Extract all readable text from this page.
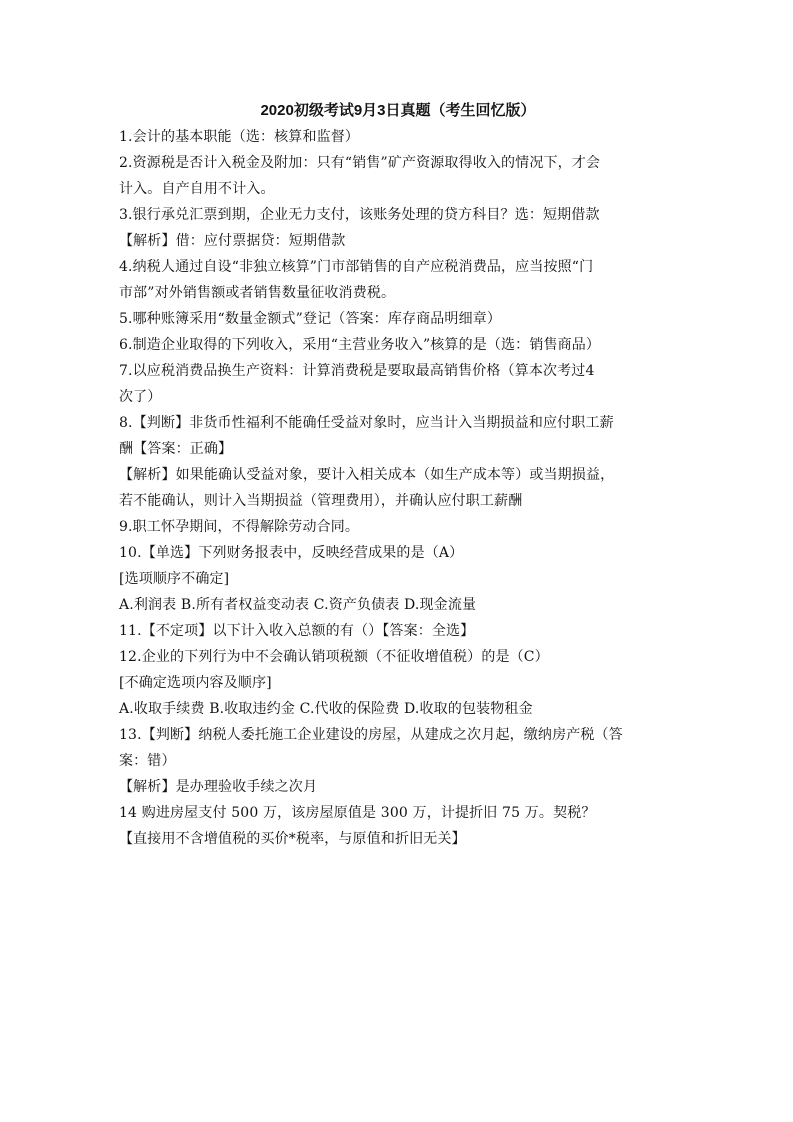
2020初级考试9月3日真题（考生回忆版）

1.会计的基本职能（选：核算和监督）

2.资源税是否计入税金及附加：只有“销售”矿产资源取得收入的情况下，才会

计入。自产自用不计入。

3.银行承兑汇票到期，企业无力支付，该账务处理的贷方科目？选：短期借款

【解析】借：应付票据贷：短期借款

4.纳税人通过自设“非独立核算”门市部销售的自产应税消费品，应当按照“门

市部”对外销售额或者销售数量征收消费税。

5.哪种账簿采用“数量金额式”登记（答案：库存商品明细章）

6.制造企业取得的下列收入，采用“主营业务收入”核算的是（选：销售商品）

7.以应税消费品换生产资料：计算消费税是要取最高销售价格（算本次考过4

次了）

8.【判断】非货币性福利不能确任受益对象时，应当计入当期损益和应付职工薪

酬【答案：正确】

【解析】如果能确认受益对象，要计入相关成本（如生产成本等）或当期损益，

若不能确认，则计入当期损益（管理费用），并确认应付职工薪酬

9.职工怀孕期间，不得解除劳动合同。

10.【单选】下列财务报表中，反映经营成果的是（A）

[选项顺序不确定]

A.利润表 B.所有者权益变动表 C.资产负债表 D.现金流量

11.【不定项】以下计入收入总额的有（）【答案：全选】

12.企业的下列行为中不会确认销项税额（不征收增值税）的是（C）

[不确定选项内容及顺序]

A.收取手续费 B.收取违约金 C.代收的保险费 D.收取的包装物租金

13.【判断】纳税人委托施工企业建设的房屋，从建成之次月起，缴纳房产税（答

案：错）

【解析】是办理验收手续之次月

14 购进房屋支付 500 万，该房屋原值是 300 万，计提折旧 75 万。契税？

【直接用不含增值税的买价*税率，与原值和折旧无关】
